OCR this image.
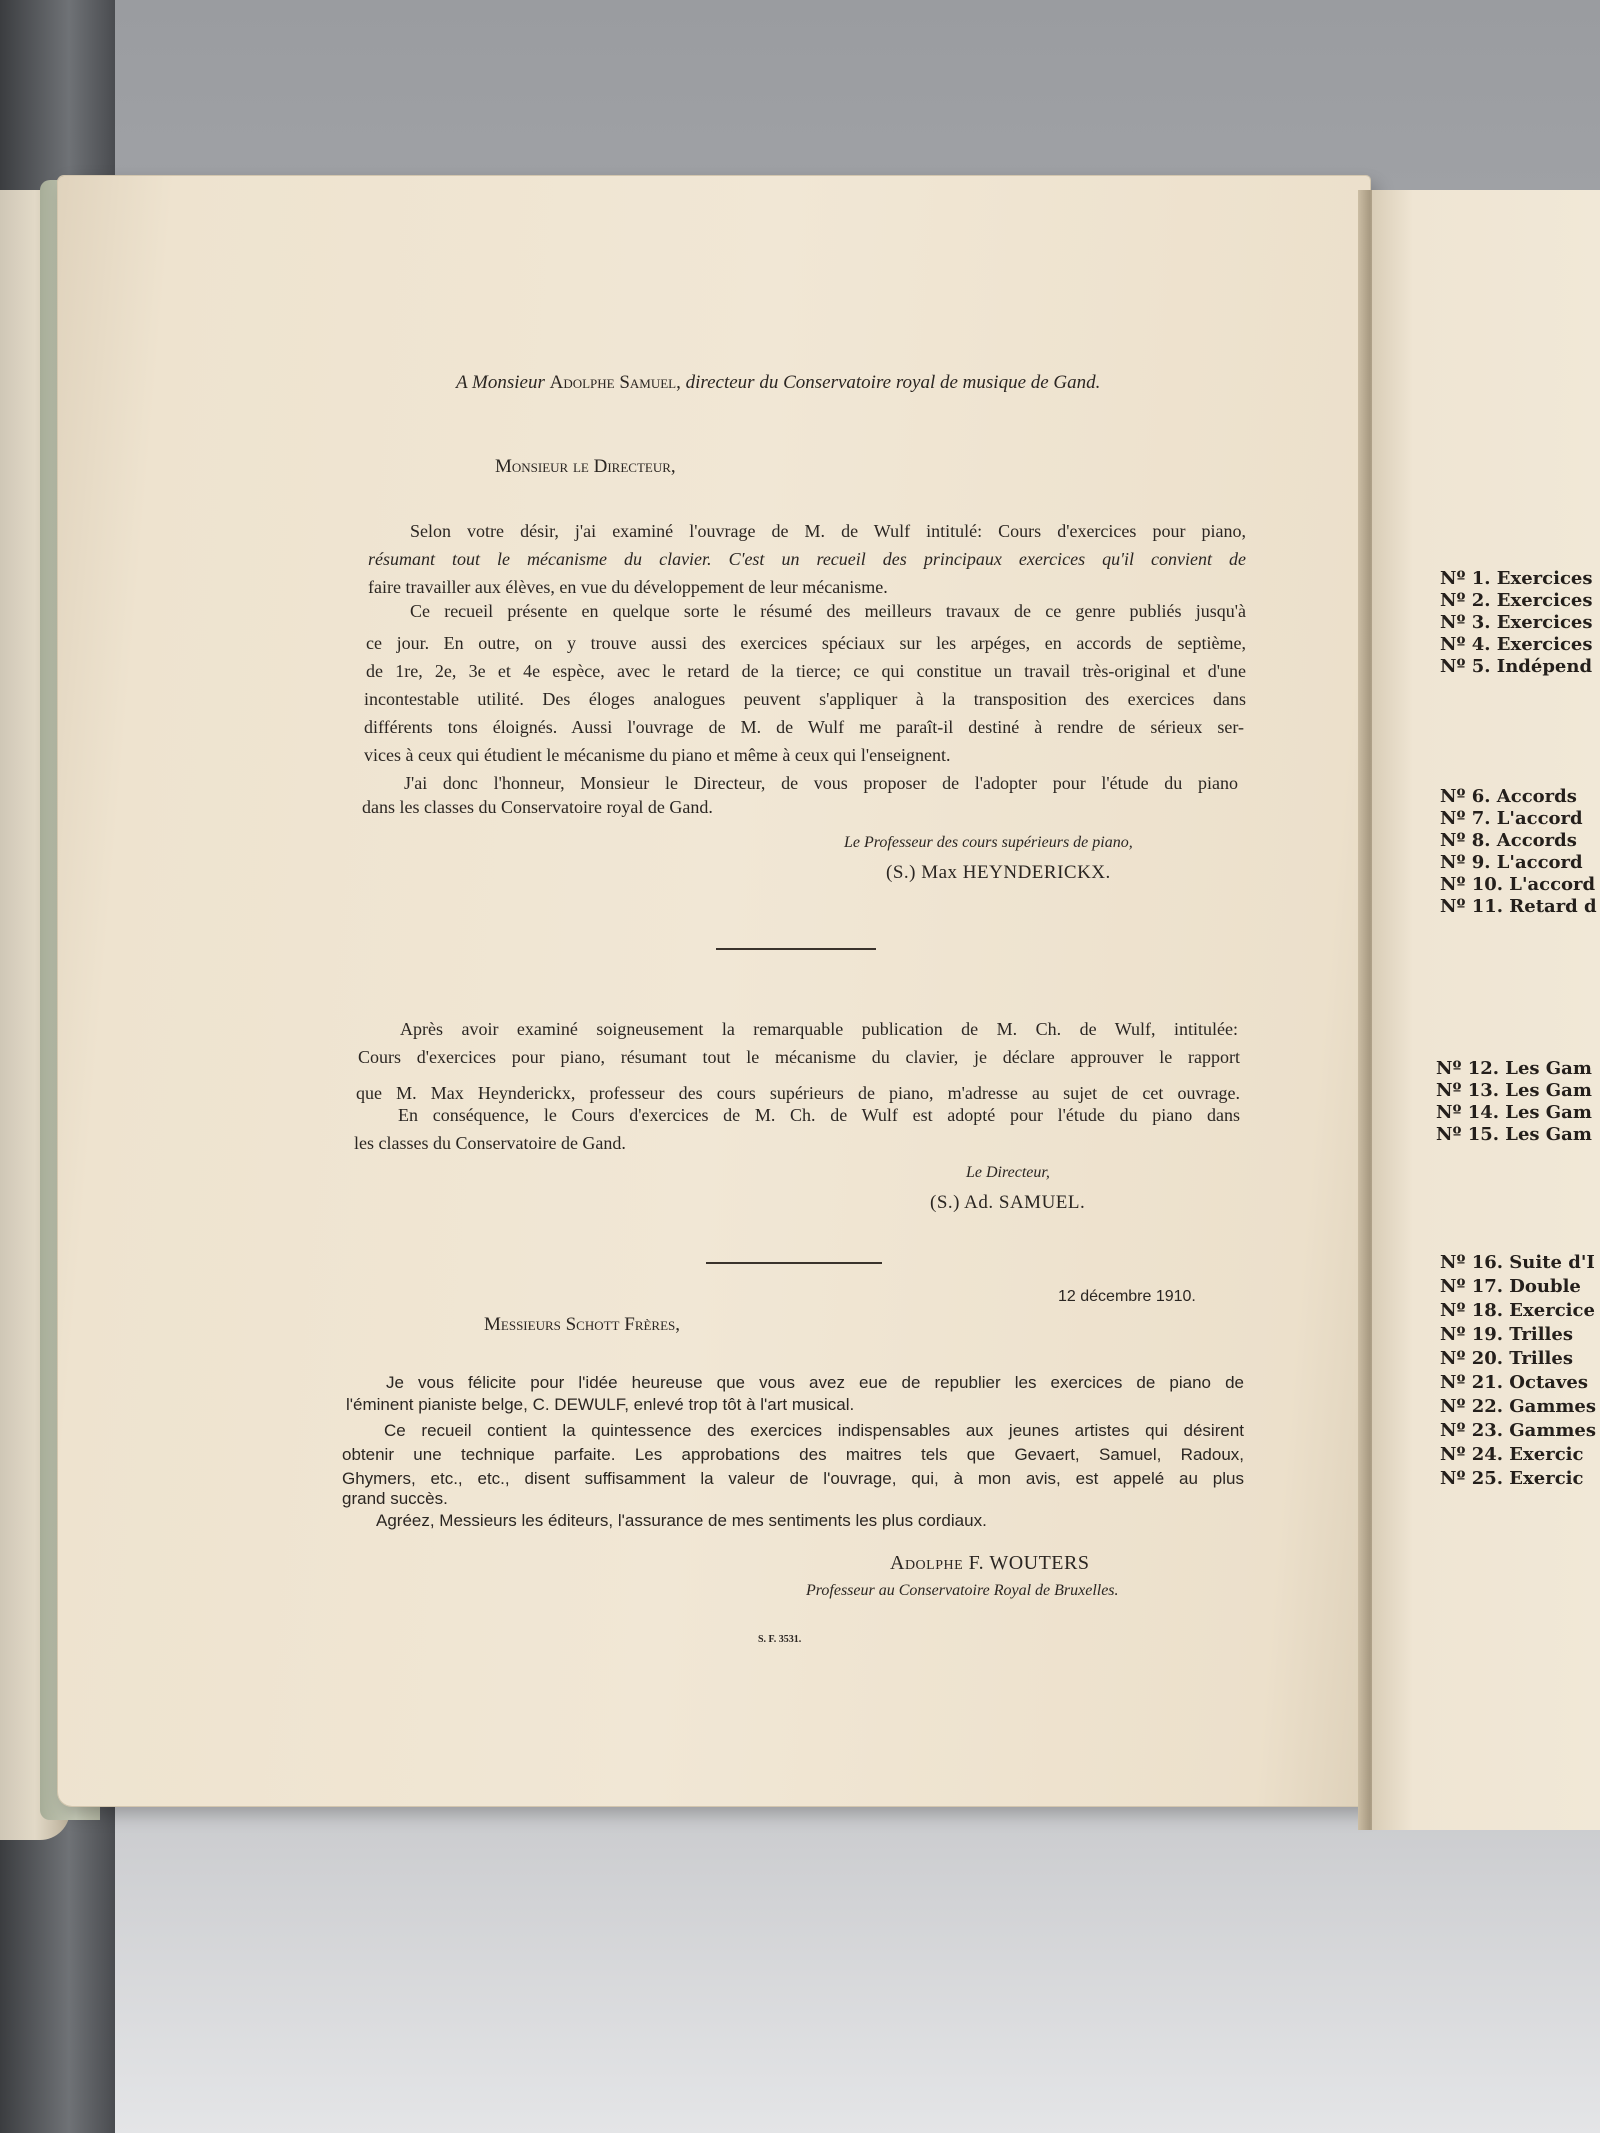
A Monsieur Adolphe Samuel, directeur du Conservatoire royal de musique de Gand.
Monsieur le Directeur,
Selon votre désir, j'ai examiné l'ouvrage de M. de Wulf intitulé: Cours d'exercices pour piano,
résumant tout le mécanisme du clavier. C'est un recueil des principaux exercices qu'il convient de
faire travailler aux élèves, en vue du développement de leur mécanisme.
Ce recueil présente en quelque sorte le résumé des meilleurs travaux de ce genre publiés jusqu'à
ce jour. En outre, on y trouve aussi des exercices spéciaux sur les arpéges, en accords de septième,
de 1re, 2e, 3e et 4e espèce, avec le retard de la tierce; ce qui constitue un travail très-original et d'une
incontestable utilité. Des éloges analogues peuvent s'appliquer à la transposition des exercices dans
différents tons éloignés. Aussi l'ouvrage de M. de Wulf me paraît-il destiné à rendre de sérieux ser-
vices à ceux qui étudient le mécanisme du piano et même à ceux qui l'enseignent.
J'ai donc l'honneur, Monsieur le Directeur, de vous proposer de l'adopter pour l'étude du piano
dans les classes du Conservatoire royal de Gand.
Le Professeur des cours supérieurs de piano,
(S.) Max HEYNDERICKX.
Après avoir examiné soigneusement la remarquable publication de M. Ch. de Wulf, intitulée:
Cours d'exercices pour piano, résumant tout le mécanisme du clavier, je déclare approuver le rapport
que M. Max Heynderickx, professeur des cours supérieurs de piano, m'adresse au sujet de cet ouvrage.
En conséquence, le Cours d'exercices de M. Ch. de Wulf est adopté pour l'étude du piano dans
les classes du Conservatoire de Gand.
Le Directeur,
(S.) Ad. SAMUEL.
12 décembre 1910.
Messieurs Schott Frères,
Je vous félicite pour l'idée heureuse que vous avez eue de republier les exercices de piano de
l'éminent pianiste belge, C. DEWULF, enlevé trop tôt à l'art musical.
Ce recueil contient la quintessence des exercices indispensables aux jeunes artistes qui désirent
obtenir une technique parfaite. Les approbations des maitres tels que Gevaert, Samuel, Radoux,
Ghymers, etc., etc., disent suffisamment la valeur de l'ouvrage, qui, à mon avis, est appelé au plus
grand succès.
Agréez, Messieurs les éditeurs, l'assurance de mes sentiments les plus cordiaux.
Adolphe F. WOUTERS
Professeur au Conservatoire Royal de Bruxelles.
S. F. 3531.
Nº 1. Exercices
Nº 2. Exercices
Nº 3. Exercices
Nº 4. Exercices
Nº 5. Indépend
Nº 6. Accords
Nº 7. L'accord
Nº 8. Accords
Nº 9. L'accord
Nº 10. L'accord
Nº 11. Retard d
Nº 12. Les Gam
Nº 13. Les Gam
Nº 14. Les Gam
Nº 15. Les Gam
Nº 16. Suite d'I
Nº 17. Double
Nº 18. Exercice
Nº 19. Trilles
Nº 20. Trilles
Nº 21. Octaves
Nº 22. Gammes
Nº 23. Gammes
Nº 24. Exercic
Nº 25. Exercic
